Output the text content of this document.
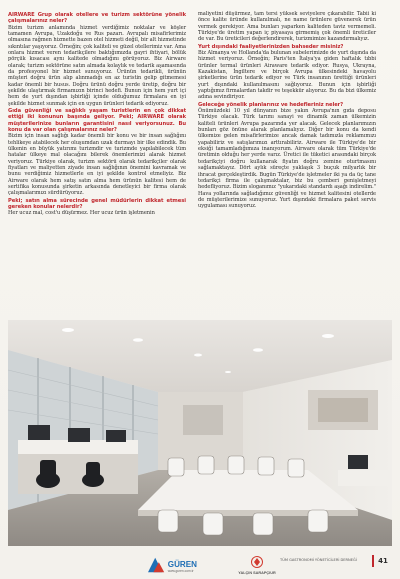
AIRWARE Grup olarak otellere ve turizm sektörüne yönelik çalışmalarınız neler?

Bizim turizm anlamında hizmet verdiğimiz noktalar ve köşler tamamen Avrupa, Uzakdoğu ve Rus pazarı. Avrupalı misafirlerimiz olmasına rağmen hizmette bazen otel hizmeti değil, bir alt hizmetinde sıkıntılar yaşıyoruz. Örneğin; çok kaliteli ve güzel otellerimiz var. Ama onlara hizmet veren tedarikçilere baktığımızda gayri ihtiyari, bölük pörçük kısacası aynı kalitede olmadığını görüyoruz. Biz Airware olarak; turizm sektörüne satın almada kolaylık ve tedarik aşamasında da profesyonel bir hizmet sunuyoruz. Ürünün tedarikli, ürünün müşteri doğru ürün alıp alınmadığı en az turistin gelip gitmemesi kadar önemli bir husus. Doğru ürünü doğru yerde üretip, doğru bir şekilde ulaştırmak firmamızın birinci hedefi. Bunun için hem yurt içi hem de yurt dışından işbirliği içinde olduğumuz firmalara en iyi şekilde hizmet sunmak için en uygun ürünleri tedarik ediyoruz.

Gıda güvenliği ve sağlıklı yaşam turistlerin en çok dikkat ettiği iki konunun başında geliyor. Peki; AIRWARE olarak müşterilerinize bunların garantisini nasıl veriyorsunuz. Bu konu da var olan çalışmalarınız neler?

Bizim için insan sağlığı kadar önemli bir konu ve bir insan sağlığını tehlikeye atabilecek her oluşumdan uzak durmayı bir ilke edindik. Bu ülkenin en büyük yatırımı turizmdir ve turizmde yapılabilecek tüm hatalar ülkeye mal olacağını bilerek önemlerimizi alarak hizmet veriyoruz. Türkiye olarak, turizm sektörü olarak tedarikçiler olarak fiyatları ve maliyetten ziyade insan sağlığının önemini kavramak ve bunu verdiğimiz hizmetlerle en iyi şekilde kontrol etmeliyiz. Biz Airware olarak hem satış satın alma hem ürünün kalitesi hem de sertifika konusunda şirketin arkasında denetleyici bir firma olarak çalışmalarımızı sürdürüyoruz.

Peki; satın alma sürecinde genel müdürlerin dikkat etmesi gereken konular nelerdir?

Her ucuz mal, cost'u düşürmez. Her ucuz ürün işletmenin

maliyetini düşürmez, tam tersi yüksek seviyelere çıkarabilir. Tabii ki önce kalite üründe kullanılmalı, ne name ürünlere güvenerek ürün vermek gerekiyor. Ama bunları yaparken kaliteden taviz vermemeli. Türkiye'de üretim yapan iç piyasaya girmemiş çok önemli üreticiler de var. Bu üreticileri değerlendirerek, turizmimize kazandırmalıyız.

Yurt dışındaki faaliyetlerinizden bahseder misiniz?

Biz Almanya ve Hollanda'da bulunan subelerimizde de yurt dışında da hizmet veriyoruz. Örneğin; Paris'ten İtalya'ya giden haftalık tıbbi ürünler termal ürünleri Airaware tedarik ediyor. Rusya, Ukrayna, Kazakistan, İngiltere ve birçok Avrupa ülkesindeki havayolu şirketlerine ürün tedarik ediyor ve Türk insanının ürettiği ürünleri yurt dışındaki kullanılmasını sağlıyoruz. Bunun için işbirliği yaptığımız firmalardan takdir ve teşekkür alıyoruz. Bu da bizi ülkemiz adına sevindiriyor.

Geleceğe yönelik planlarınız ve hedefleriniz neler?

Önümüzdeki 10 yıl dünyanın bize yakın Avrupa'nın gıda deposu Türkiye olacak. Türk tarımı sanayi ve dinamik zaman ülkemizin kaliteli ürünleri Avrupa pazarında yer alacak. Gelecek planlarımızın bunları göz önüne alarak planlamalıyız. Diğer bir konu da kendi ülkemize gelen misafirlerimize ancak damak tadımızla reklamımızı yapabiliriz ve satışlarımızı arttırabiliriz. Airware ile Türkiye'de bir eksiği tamamladığımıza inanıyorum. Airware olarak tüm Türkiye'de üretimin olduğu her yerde varız. Üretici ile tüketici arasındaki birçok tedarikçiyi doğru kullanarak fiyatın doğru zemine oturtmasını sağlamaktayız. Dört aylık süreçte yaklaşık 3 buçuk milyarlık bir ihracat gerçekleştirdik. Bugün Türkiye'de işletmeler iki ya da üç tane tedarikçi firma ile çalışmaktalar, biz bu çemberi genişletmeyi hedefliyoruz. Bizim sloganımız "yukarıdaki standardı aşağı indirelim." Hava yollarında sağladığımız güvenliği ve hizmet kalitesini otellerde de müşterilerimize sunuyoruz. Yurt dışındaki firmalara paket servis uygulaması sunuyoruz.

GÜREN
www.guren.com.tr	YALÇIN SARAPÇIUR
TÜM GASTRONOMİ YÖNETİCİLERİ DERNEĞİ	41
